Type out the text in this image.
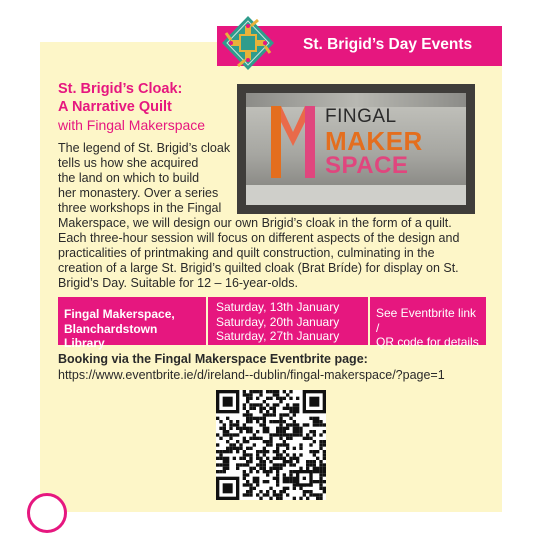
St. Brigid’s Day Events
St. Brigid’s Cloak:
A Narrative Quilt
with Fingal Makerspace	FINGAL
MAKER
SPACE
The legend of St. Brigid’s cloak
tells us how she acquired
the land on which to build
her monastery. Over a series
three workshops in the Fingal
Makerspace, we will design our own Brigid’s cloak in the form of a quilt.
Each three-hour session will focus on different aspects of the design and
practicalities of printmaking and quilt construction, culminating in the
creation of a large St. Brigid’s quilted cloak (Brat Bríde) for display on St.
Brigid’s Day. Suitable for 12 – 16-year-olds.
Fingal Makerspace,
Blanchardstown Library
Saturday, 13th January
Saturday, 20th January
Saturday, 27th January
See Eventbrite link /
QR code for details
Booking via the Fingal Makerspace Eventbrite page:
https://www.eventbrite.ie/d/ireland--dublin/fingal-makerspace/?page=1
